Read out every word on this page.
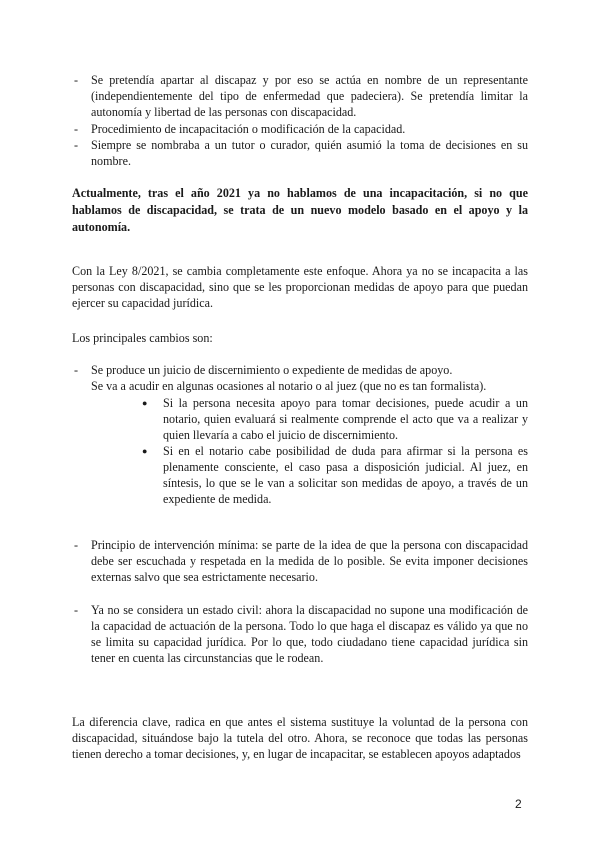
- Se pretendía apartar al discapaz y por eso se actúa en nombre de un representante (independientemente del tipo de enfermedad que padeciera). Se pretendía limitar la autonomía y libertad de las personas con discapacidad.

- Procedimiento de incapacitación o modificación de la capacidad.

- Siempre se nombraba a un tutor o curador, quién asumió la toma de decisiones en su nombre.

Actualmente, tras el año 2021 ya no hablamos de una incapacitación, si no que hablamos de discapacidad, se trata de un nuevo modelo basado en el apoyo y la autonomía.

Con la Ley 8/2021, se cambia completamente este enfoque. Ahora ya no se incapacita a las personas con discapacidad, sino que se les proporcionan medidas de apoyo para que puedan ejercer su capacidad jurídica.

Los principales cambios son:

- Se produce un juicio de discernimiento o expediente de medidas de apoyo.

Se va a acudir en algunas ocasiones al notario o al juez (que no es tan formalista).

● Si la persona necesita apoyo para tomar decisiones, puede acudir a un notario, quien evaluará si realmente comprende el acto que va a realizar y quien llevaría a cabo el juicio de discernimiento.

● Si en el notario cabe posibilidad de duda para afirmar si la persona es plenamente consciente, el caso pasa a disposición judicial. Al juez, en síntesis, lo que se le van a solicitar son medidas de apoyo, a través de un expediente de medida.

- Principio de intervención mínima: se parte de la idea de que la persona con discapacidad debe ser escuchada y respetada en la medida de lo posible. Se evita imponer decisiones externas salvo que sea estrictamente necesario.

- Ya no se considera un estado civil: ahora la discapacidad no supone una modificación de la capacidad de actuación de la persona. Todo lo que haga el discapaz es válido ya que no se limita su capacidad jurídica. Por lo que, todo ciudadano tiene capacidad jurídica sin tener en cuenta las circunstancias que le rodean.

La diferencia clave, radica en que antes el sistema sustituye la voluntad de la persona con discapacidad, situándose bajo la tutela del otro. Ahora, se reconoce que todas las personas tienen derecho a tomar decisiones, y, en lugar de incapacitar, se establecen apoyos adaptados

2
